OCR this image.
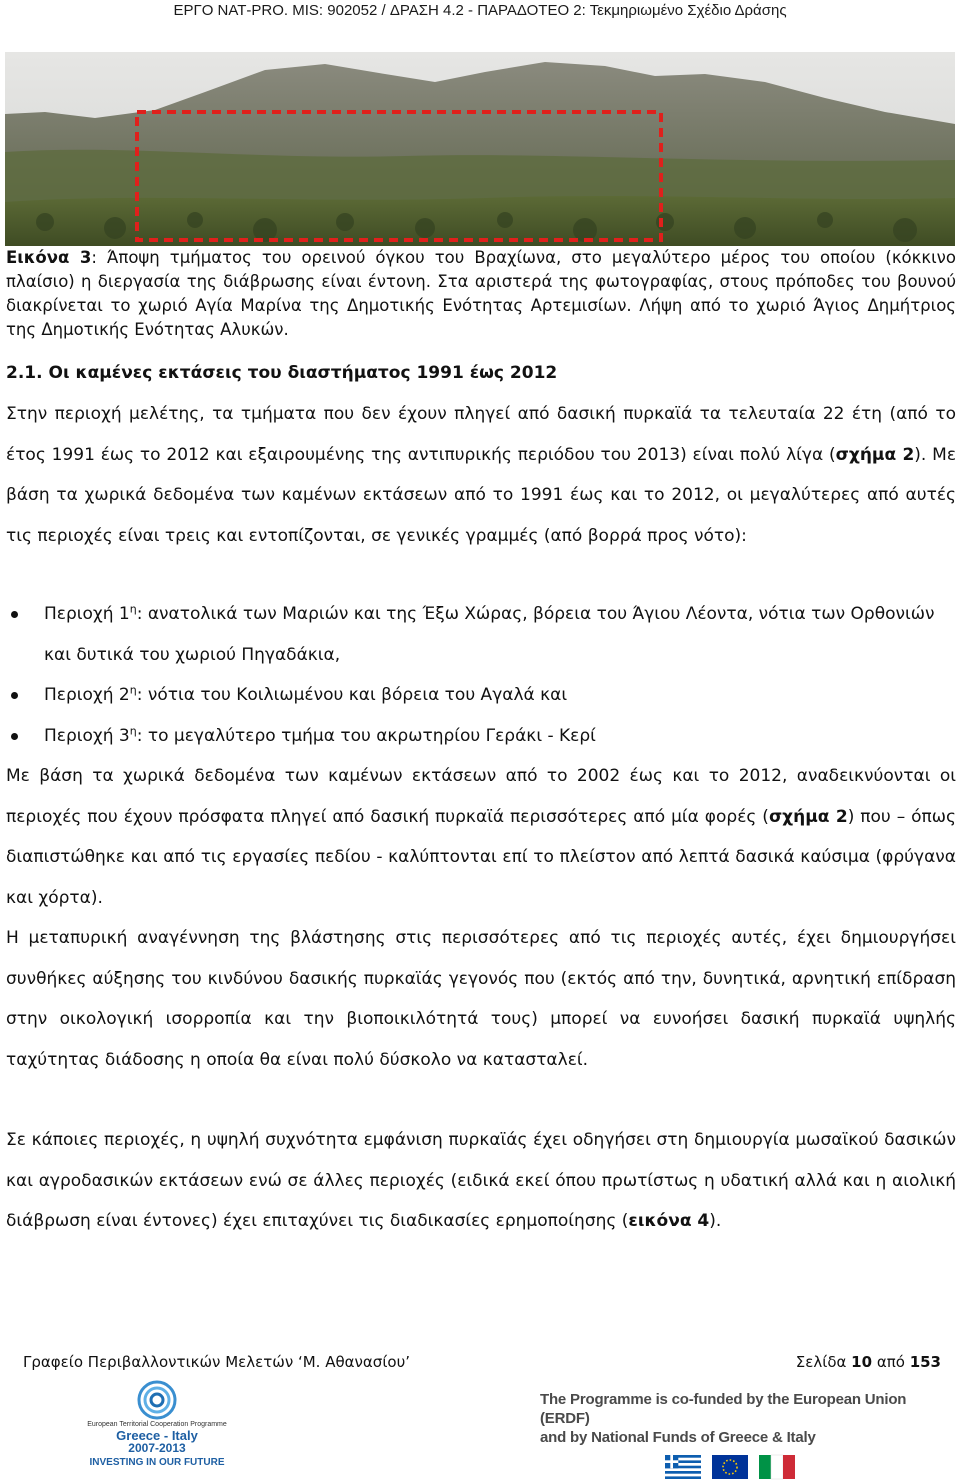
ΕΡΓΟ ΝΑΤ-PRO. MIS: 902052 / ΔΡΑΣΗ 4.2 - ΠΑΡΑΔΟΤΕΟ 2: Τεκμηριωμένο Σχέδιο Δράσης
Εικόνα 3: Άποψη τμήματος του ορεινού όγκου του Βραχίωνα, στο μεγαλύτερο μέρος του οποίου (κόκκινο πλαίσιο) η διεργασία της διάβρωσης είναι έντονη. Στα αριστερά της φωτογραφίας, στους πρόποδες του βουνού διακρίνεται το χωριό Αγία Μαρίνα της Δημοτικής Ενότητας Αρτεμισίων. Λήψη από το χωριό Άγιος Δημήτριος της Δημοτικής Ενότητας Αλυκών.
2.1. Οι καμένες εκτάσεις του διαστήματος 1991 έως 2012
Στην περιοχή μελέτης, τα τμήματα που δεν έχουν πληγεί από δασική πυρκαϊά τα τελευταία 22 έτη (από το έτος 1991 έως το 2012 και εξαιρουμένης της αντιπυρικής περιόδου του 2013) είναι πολύ λίγα (σχήμα 2). Με βάση τα χωρικά δεδομένα των καμένων εκτάσεων από το 1991 έως και το 2012, οι μεγαλύτερες από αυτές τις περιοχές είναι τρεις και εντοπίζονται, σε γενικές γραμμές (από βορρά προς νότο):
Περιοχή $1^\eta$: ανατολικά των Μαριών και της Έξω Χώρας, βόρεια του Άγιου Λέοντα, νότια των Ορθονιών και δυτικά του χωριού Πηγαδάκια,
Περιοχή $2^\eta$: νότια του Κοιλιωμένου και βόρεια του Αγαλά και
Περιοχή $3^\eta$: το μεγαλύτερο τμήμα του ακρωτηρίου Γεράκι - Κερί
Με βάση τα χωρικά δεδομένα των καμένων εκτάσεων από το 2002 έως και το 2012, αναδεικνύονται οι περιοχές που έχουν πρόσφατα πληγεί από δασική πυρκαϊά περισσότερες από μία φορές (σχήμα 2) που – όπως διαπιστώθηκε και από τις εργασίες πεδίου - καλύπτονται επί το πλείστον από λεπτά δασικά καύσιμα (φρύγανα και χόρτα).
Η μεταπυρική αναγέννηση της βλάστησης στις περισσότερες από τις περιοχές αυτές, έχει δημιουργήσει συνθήκες αύξησης του κινδύνου δασικής πυρκαϊάς γεγονός που (εκτός από την, δυνητικά, αρνητική επίδραση στην οικολογική ισορροπία και την βιοποικιλότητά τους) μπορεί να ευνοήσει δασική πυρκαϊά υψηλής ταχύτητας διάδοσης η οποία θα είναι πολύ δύσκολο να κατασταλεί.
Σε κάποιες περιοχές, η υψηλή συχνότητα εμφάνιση πυρκαϊάς έχει οδηγήσει στη δημιουργία μωσαϊκού δασικών και αγροδασικών εκτάσεων ενώ σε άλλες περιοχές (ειδικά εκεί όπου πρωτίστως η υδατική αλλά και η αιολική διάβρωση είναι έντονες) έχει επιταχύνει τις διαδικασίες ερημοποίησης (εικόνα 4).
Γραφείο Περιβαλλοντικών Μελετών ‘Μ. Αθανασίου’	Σελίδα 10 από 153
European Territorial Cooperation Programme
Greece - Italy
2007-2013
INVESTING IN OUR FUTURE
The Programme is co-funded by the European Union (ERDF)
and by National Funds of Greece & Italy
